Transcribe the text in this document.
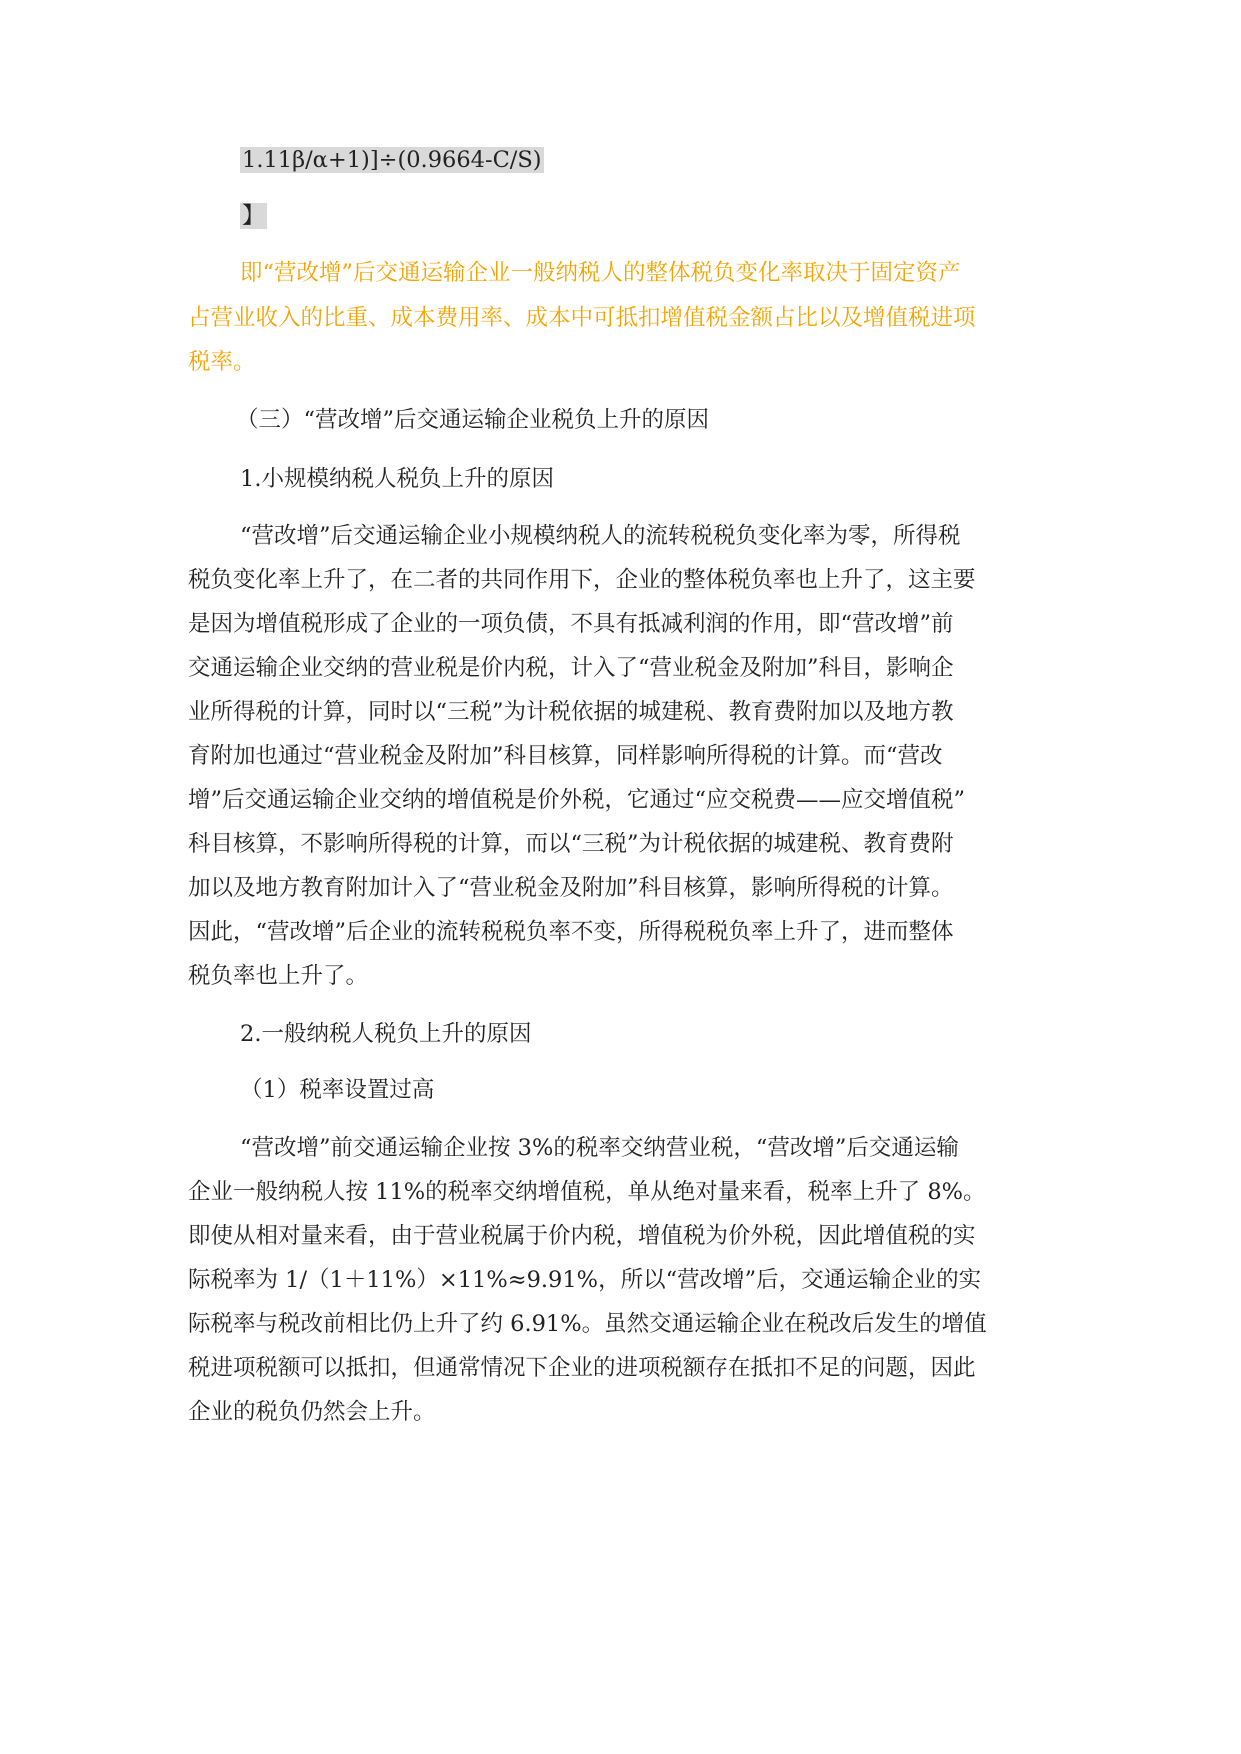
1.11β/α+1)]÷(0.9664-C/S)
】
即“营改增”后交通运输企业一般纳税人的整体税负变化率取决于固定资产
占营业收入的比重、成本费用率、成本中可抵扣增值税金额占比以及增值税进项
税率。
（三）“营改增”后交通运输企业税负上升的原因
1.小规模纳税人税负上升的原因
“营改增”后交通运输企业小规模纳税人的流转税税负变化率为零，所得税
税负变化率上升了，在二者的共同作用下，企业的整体税负率也上升了，这主要
是因为增值税形成了企业的一项负债，不具有抵减利润的作用，即“营改增”前
交通运输企业交纳的营业税是价内税，计入了“营业税金及附加”科目，影响企
业所得税的计算，同时以“三税”为计税依据的城建税、教育费附加以及地方教
育附加也通过“营业税金及附加”科目核算，同样影响所得税的计算。而“营改
增”后交通运输企业交纳的增值税是价外税，它通过“应交税费——应交增值税”
科目核算，不影响所得税的计算，而以“三税”为计税依据的城建税、教育费附
加以及地方教育附加计入了“营业税金及附加”科目核算，影响所得税的计算。
因此，“营改增”后企业的流转税税负率不变，所得税税负率上升了，进而整体
税负率也上升了。
2.一般纳税人税负上升的原因
（1）税率设置过高
“营改增”前交通运输企业按 3%的税率交纳营业税，“营改增”后交通运输
企业一般纳税人按 11%的税率交纳增值税，单从绝对量来看，税率上升了 8%。
即使从相对量来看，由于营业税属于价内税，增值税为价外税，因此增值税的实
际税率为 1/（1＋11%）×11%≈9.91%，所以“营改增”后，交通运输企业的实
际税率与税改前相比仍上升了约 6.91%。虽然交通运输企业在税改后发生的增值
税进项税额可以抵扣，但通常情况下企业的进项税额存在抵扣不足的问题，因此
企业的税负仍然会上升。
